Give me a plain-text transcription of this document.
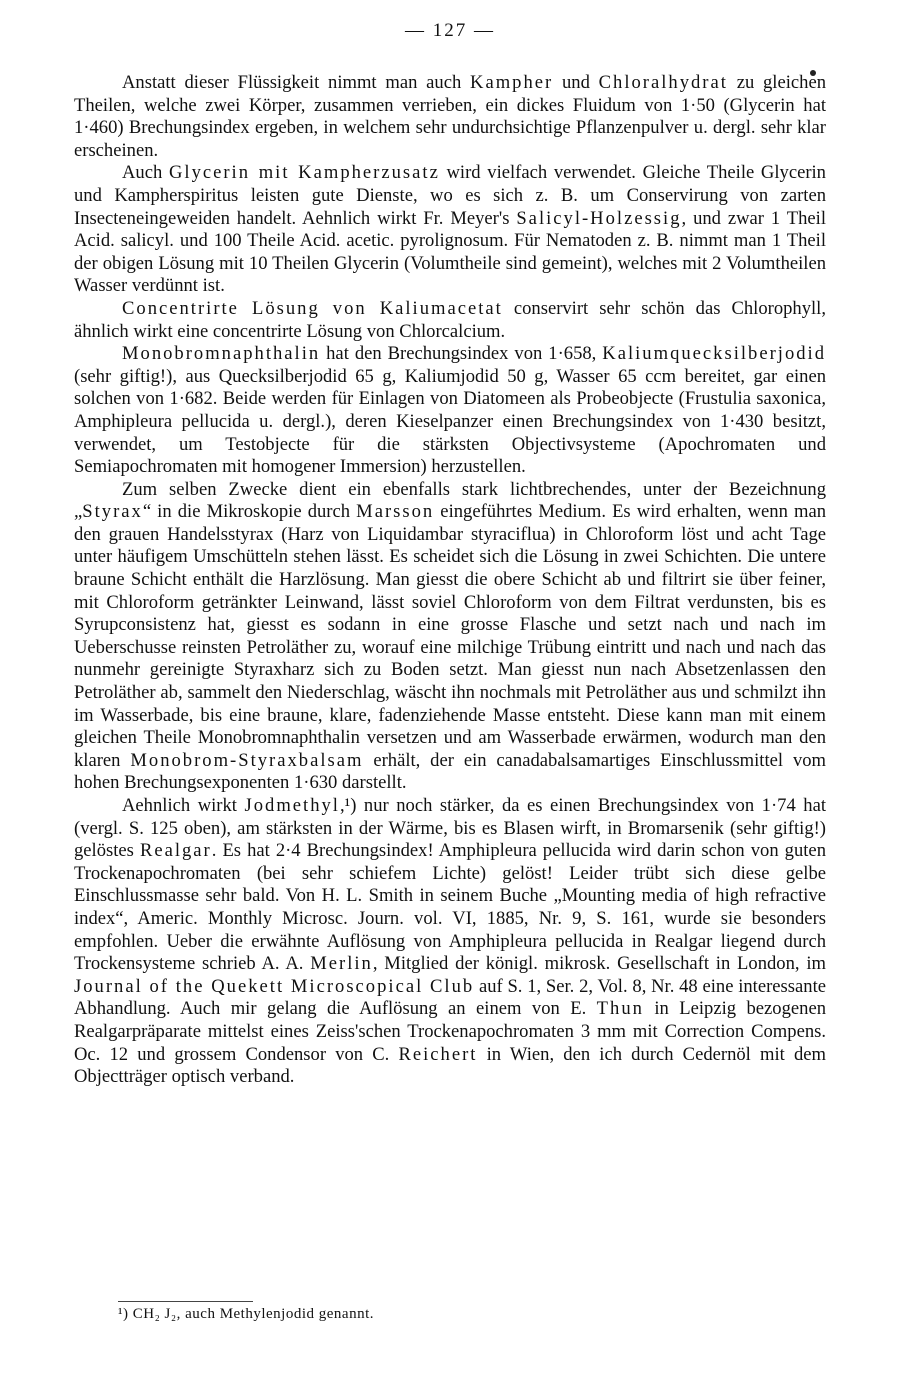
— 127 —

Anstatt dieser Flüssigkeit nimmt man auch Kampher und Chloralhydrat zu gleichen Theilen, welche zwei Körper, zusammen verrieben, ein dickes Fluidum von 1·50 (Glycerin hat 1·460) Brechungsindex ergeben, in welchem sehr undurchsichtige Pflanzenpulver u. dergl. sehr klar erscheinen.

Auch Glycerin mit Kampherzusatz wird vielfach verwendet. Gleiche Theile Glycerin und Kampherspiritus leisten gute Dienste, wo es sich z. B. um Conservirung von zarten Insecteneingeweiden handelt. Aehnlich wirkt Fr. Meyer's Salicyl-Holzessig, und zwar 1 Theil Acid. salicyl. und 100 Theile Acid. acetic. pyrolignosum. Für Nematoden z. B. nimmt man 1 Theil der obigen Lösung mit 10 Theilen Glycerin (Volumtheile sind gemeint), welches mit 2 Volumtheilen Wasser verdünnt ist.

Concentrirte Lösung von Kaliumacetat conservirt sehr schön das Chlorophyll, ähnlich wirkt eine concentrirte Lösung von Chlorcalcium.

Monobromnaphthalin hat den Brechungsindex von 1·658, Kaliumquecksilberjodid (sehr giftig!), aus Quecksilberjodid 65 g, Kaliumjodid 50 g, Wasser 65 ccm bereitet, gar einen solchen von 1·682. Beide werden für Einlagen von Diatomeen als Probeobjecte (Frustulia saxonica, Amphipleura pellucida u. dergl.), deren Kieselpanzer einen Brechungsindex von 1·430 besitzt, verwendet, um Testobjecte für die stärksten Objectivsysteme (Apochromaten und Semiapochromaten mit homogener Immersion) herzustellen.

Zum selben Zwecke dient ein ebenfalls stark lichtbrechendes, unter der Bezeichnung „Styrax“ in die Mikroskopie durch Marsson eingeführtes Medium. Es wird erhalten, wenn man den grauen Handelsstyrax (Harz von Liquidambar styraciflua) in Chloroform löst und acht Tage unter häufigem Umschütteln stehen lässt. Es scheidet sich die Lösung in zwei Schichten. Die untere braune Schicht enthält die Harzlösung. Man giesst die obere Schicht ab und filtrirt sie über feiner, mit Chloroform getränkter Leinwand, lässt soviel Chloroform von dem Filtrat verdunsten, bis es Syrupconsistenz hat, giesst es sodann in eine grosse Flasche und setzt nach und nach im Ueberschusse reinsten Petroläther zu, worauf eine milchige Trübung eintritt und nach und nach das nunmehr gereinigte Styraxharz sich zu Boden setzt. Man giesst nun nach Absetzenlassen den Petroläther ab, sammelt den Niederschlag, wäscht ihn nochmals mit Petroläther aus und schmilzt ihn im Wasserbade, bis eine braune, klare, fadenziehende Masse entsteht. Diese kann man mit einem gleichen Theile Monobromnaphthalin versetzen und am Wasserbade erwärmen, wodurch man den klaren Monobrom-Styraxbalsam erhält, der ein canadabalsamartiges Einschlussmittel vom hohen Brechungsexponenten 1·630 darstellt.

Aehnlich wirkt Jodmethyl,¹) nur noch stärker, da es einen Brechungsindex von 1·74 hat (vergl. S. 125 oben), am stärksten in der Wärme, bis es Blasen wirft, in Bromarsenik (sehr giftig!) gelöstes Realgar. Es hat 2·4 Brechungsindex! Amphipleura pellucida wird darin schon von guten Trockenapochromaten (bei sehr schiefem Lichte) gelöst! Leider trübt sich diese gelbe Einschlussmasse sehr bald. Von H. L. Smith in seinem Buche „Mounting media of high refractive index“, Americ. Monthly Microsc. Journ. vol. VI, 1885, Nr. 9, S. 161, wurde sie besonders empfohlen. Ueber die erwähnte Auflösung von Amphipleura pellucida in Realgar liegend durch Trockensysteme schrieb A. A. Merlin, Mitglied der königl. mikrosk. Gesellschaft in London, im Journal of the Quekett Microscopical Club auf S. 1, Ser. 2, Vol. 8, Nr. 48 eine interessante Abhandlung. Auch mir gelang die Auflösung an einem von E. Thun in Leipzig bezogenen Realgarpräparate mittelst eines Zeiss'schen Trockenapochromaten 3 mm mit Correction Compens. Oc. 12 und grossem Condensor von C. Reichert in Wien, den ich durch Cedernöl mit dem Objectträger optisch verband.

¹) CH₂ J₂, auch Methylenjodid genannt.
